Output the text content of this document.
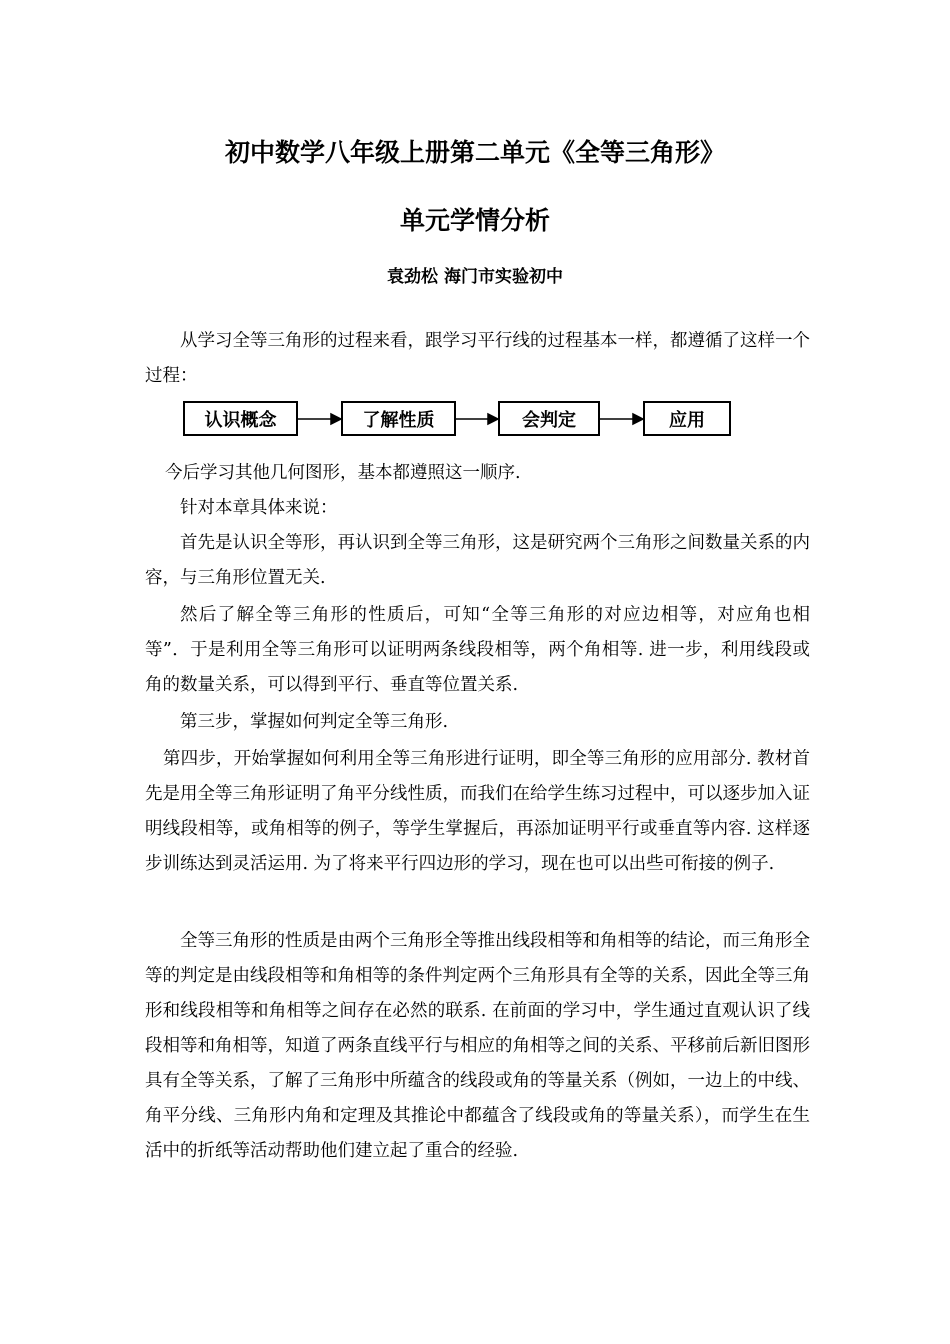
初中数学八年级上册第二单元《全等三角形》
单元学情分析
袁劲松 海门市实验初中

从学习全等三角形的过程来看，跟学习平行线的过程基本一样，都遵循了这样一个过程：

认识概念	了解性质	会判定	应用

今后学习其他几何图形，基本都遵照这一顺序.

针对本章具体来说：

首先是认识全等形，再认识到全等三角形，这是研究两个三角形之间数量关系的内容，与三角形位置无关.

然后了解全等三角形的性质后，可知“全等三角形的对应边相等，对应角也相等”．于是利用全等三角形可以证明两条线段相等，两个角相等. 进一步，利用线段或角的数量关系，可以得到平行、垂直等位置关系.

第三步，掌握如何判定全等三角形.

第四步，开始掌握如何利用全等三角形进行证明，即全等三角形的应用部分. 教材首先是用全等三角形证明了角平分线性质，而我们在给学生练习过程中，可以逐步加入证明线段相等，或角相等的例子，等学生掌握后，再添加证明平行或垂直等内容. 这样逐步训练达到灵活运用. 为了将来平行四边形的学习，现在也可以出些可衔接的例子.

全等三角形的性质是由两个三角形全等推出线段相等和角相等的结论，而三角形全等的判定是由线段相等和角相等的条件判定两个三角形具有全等的关系，因此全等三角形和线段相等和角相等之间存在必然的联系. 在前面的学习中，学生通过直观认识了线段相等和角相等，知道了两条直线平行与相应的角相等之间的关系、平移前后新旧图形具有全等关系，了解了三角形中所蕴含的线段或角的等量关系（例如，一边上的中线、角平分线、三角形内角和定理及其推论中都蕴含了线段或角的等量关系），而学生在生活中的折纸等活动帮助他们建立起了重合的经验.
